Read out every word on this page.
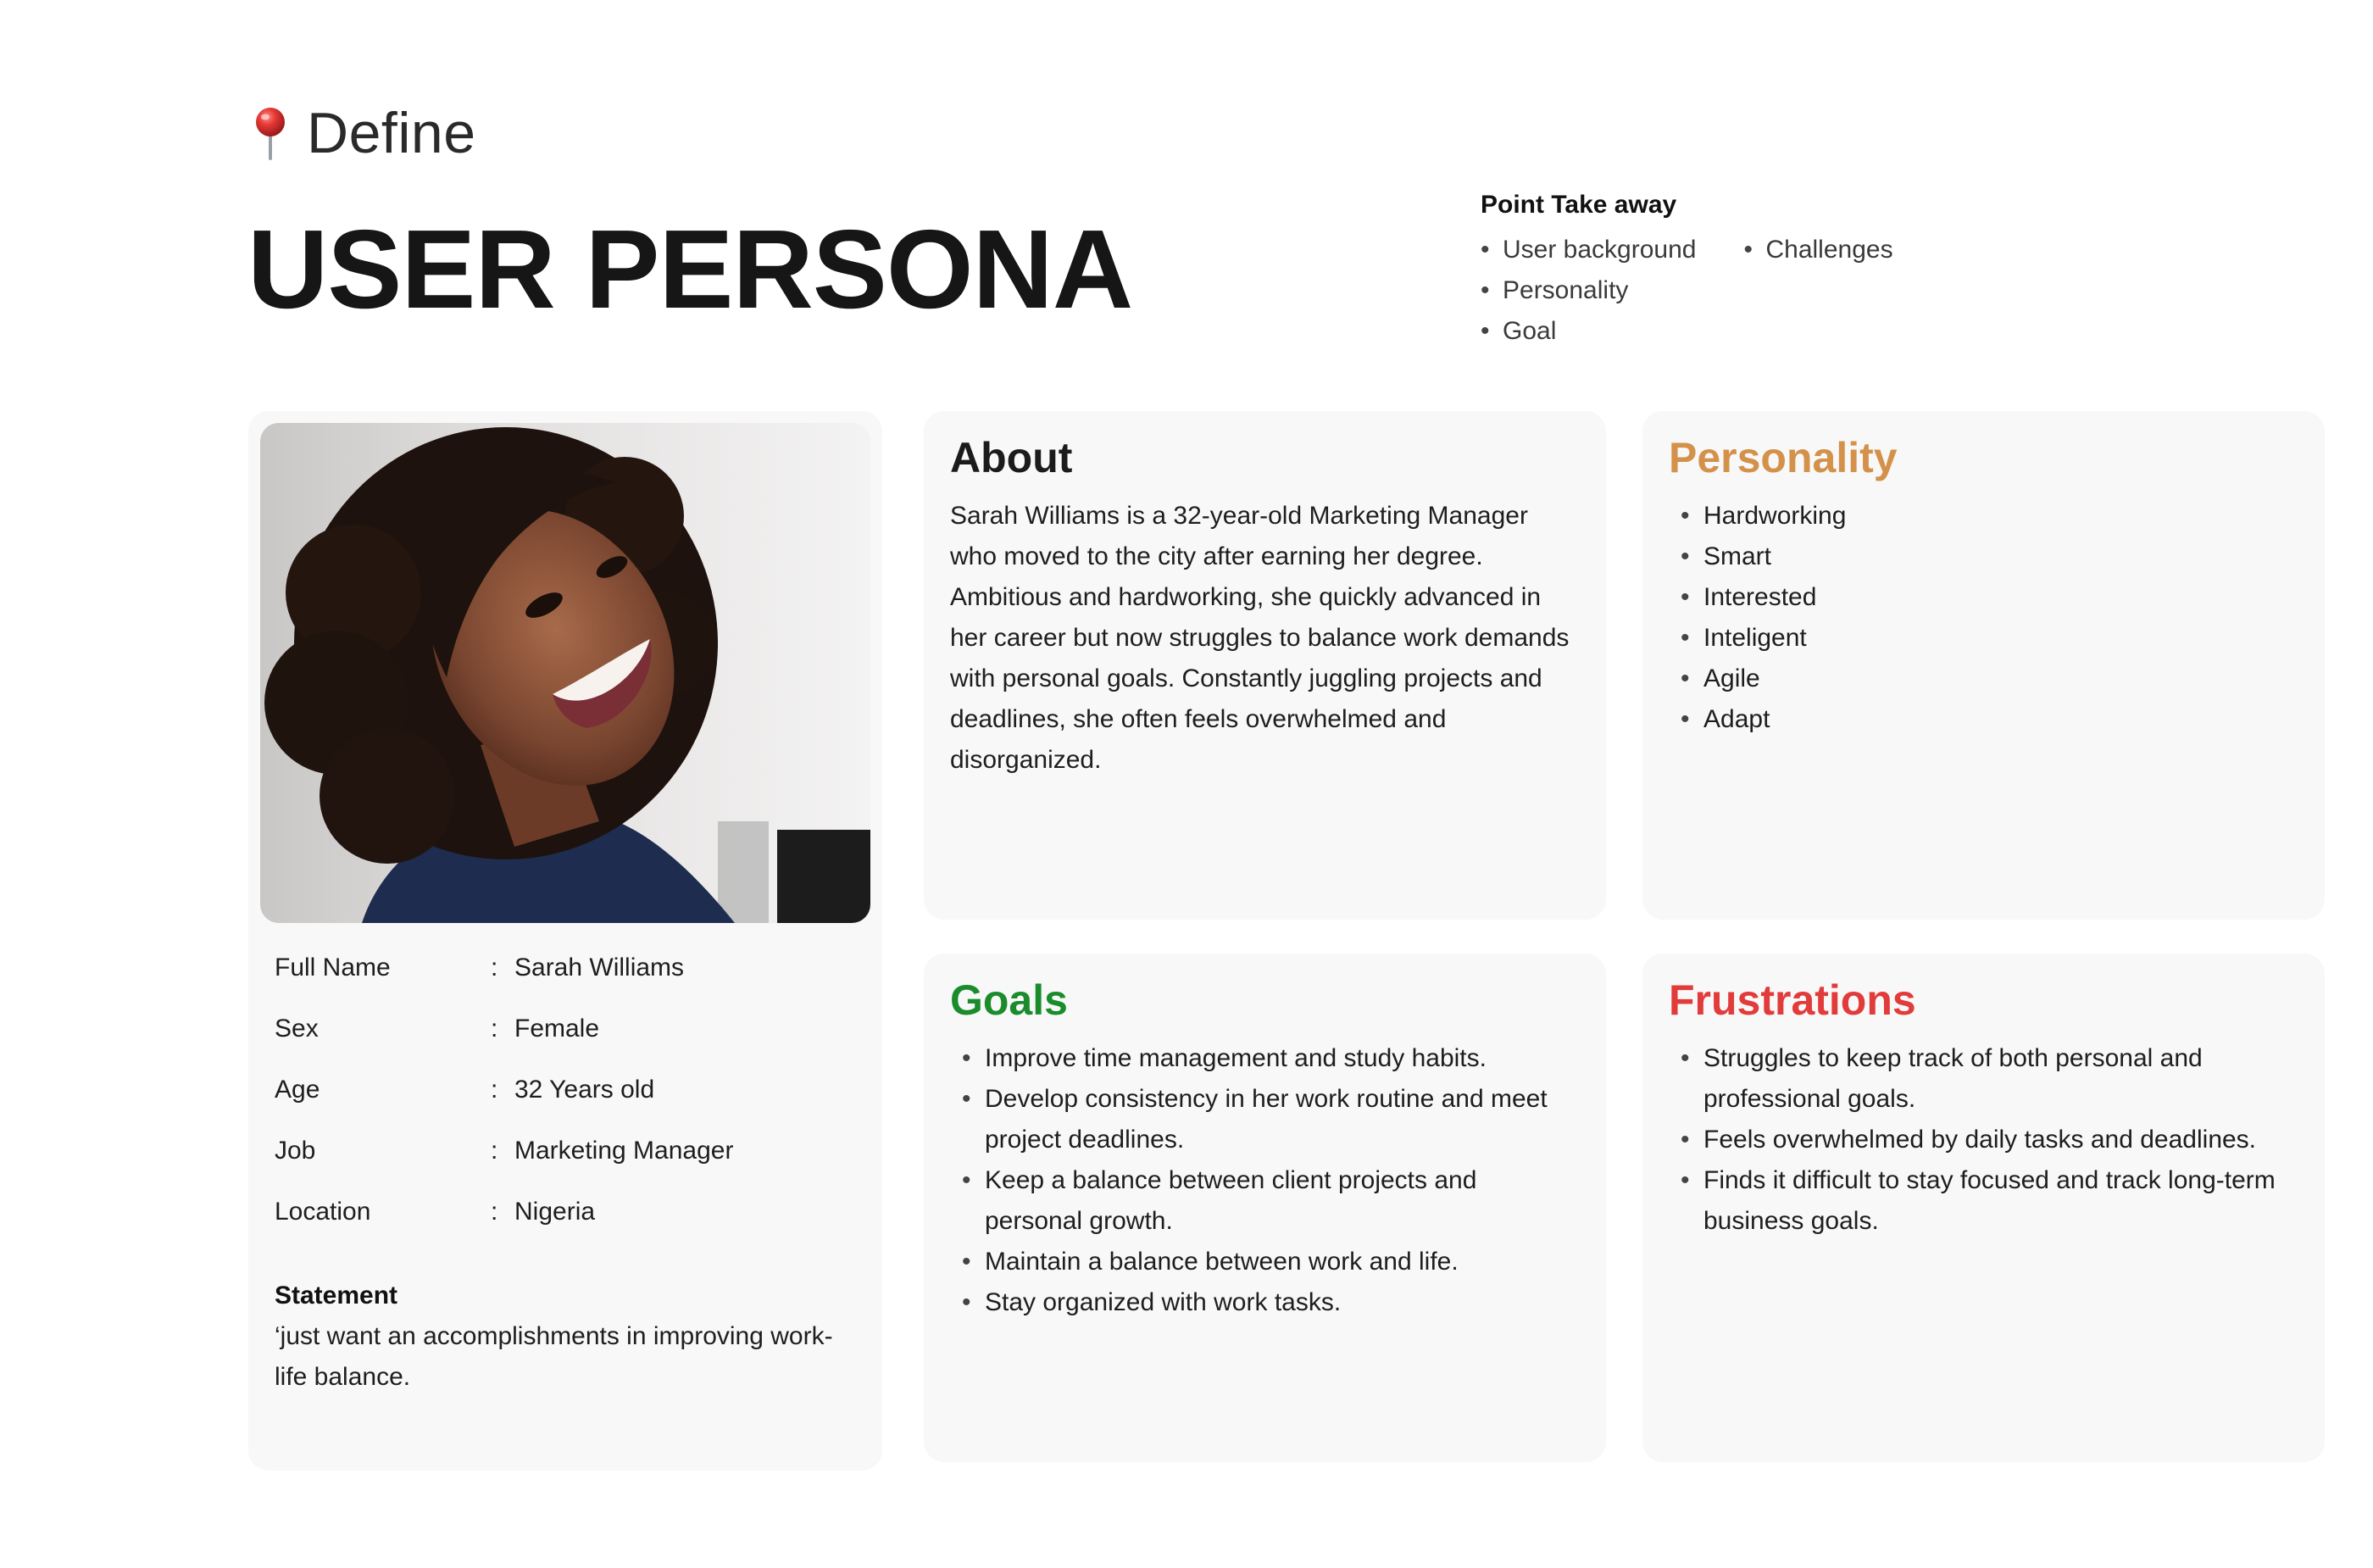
Define
USER PERSONA
Point Take away
• User background
• Personality
• Goal
• Challenges
Full Name	: Sarah Williams
Sex	: Female
Age	: 32 Years old
Job	: Marketing Manager
Location	: Nigeria
Statement
‘just want an accomplishments in improving work-life balance.
About

Sarah Williams is a 32-year-old Marketing Manager who moved to the city after earning her degree. Ambitious and hardworking, she quickly advanced in her career but now struggles to balance work demands with personal goals. Constantly juggling projects and deadlines, she often feels overwhelmed and disorganized.

Personality
• Hardworking
• Smart
• Interested
• Inteligent
• Agile
• Adapt
Goals
• Improve time management and study habits.
• Develop consistency in her work routine and meet project deadlines.
• Keep a balance between client projects and personal growth.
• Maintain a balance between work and life.
• Stay organized with work tasks.
Frustrations
• Struggles to keep track of both personal and professional goals.
• Feels overwhelmed by daily tasks and deadlines.
• Finds it difficult to stay focused and track long-term business goals.
